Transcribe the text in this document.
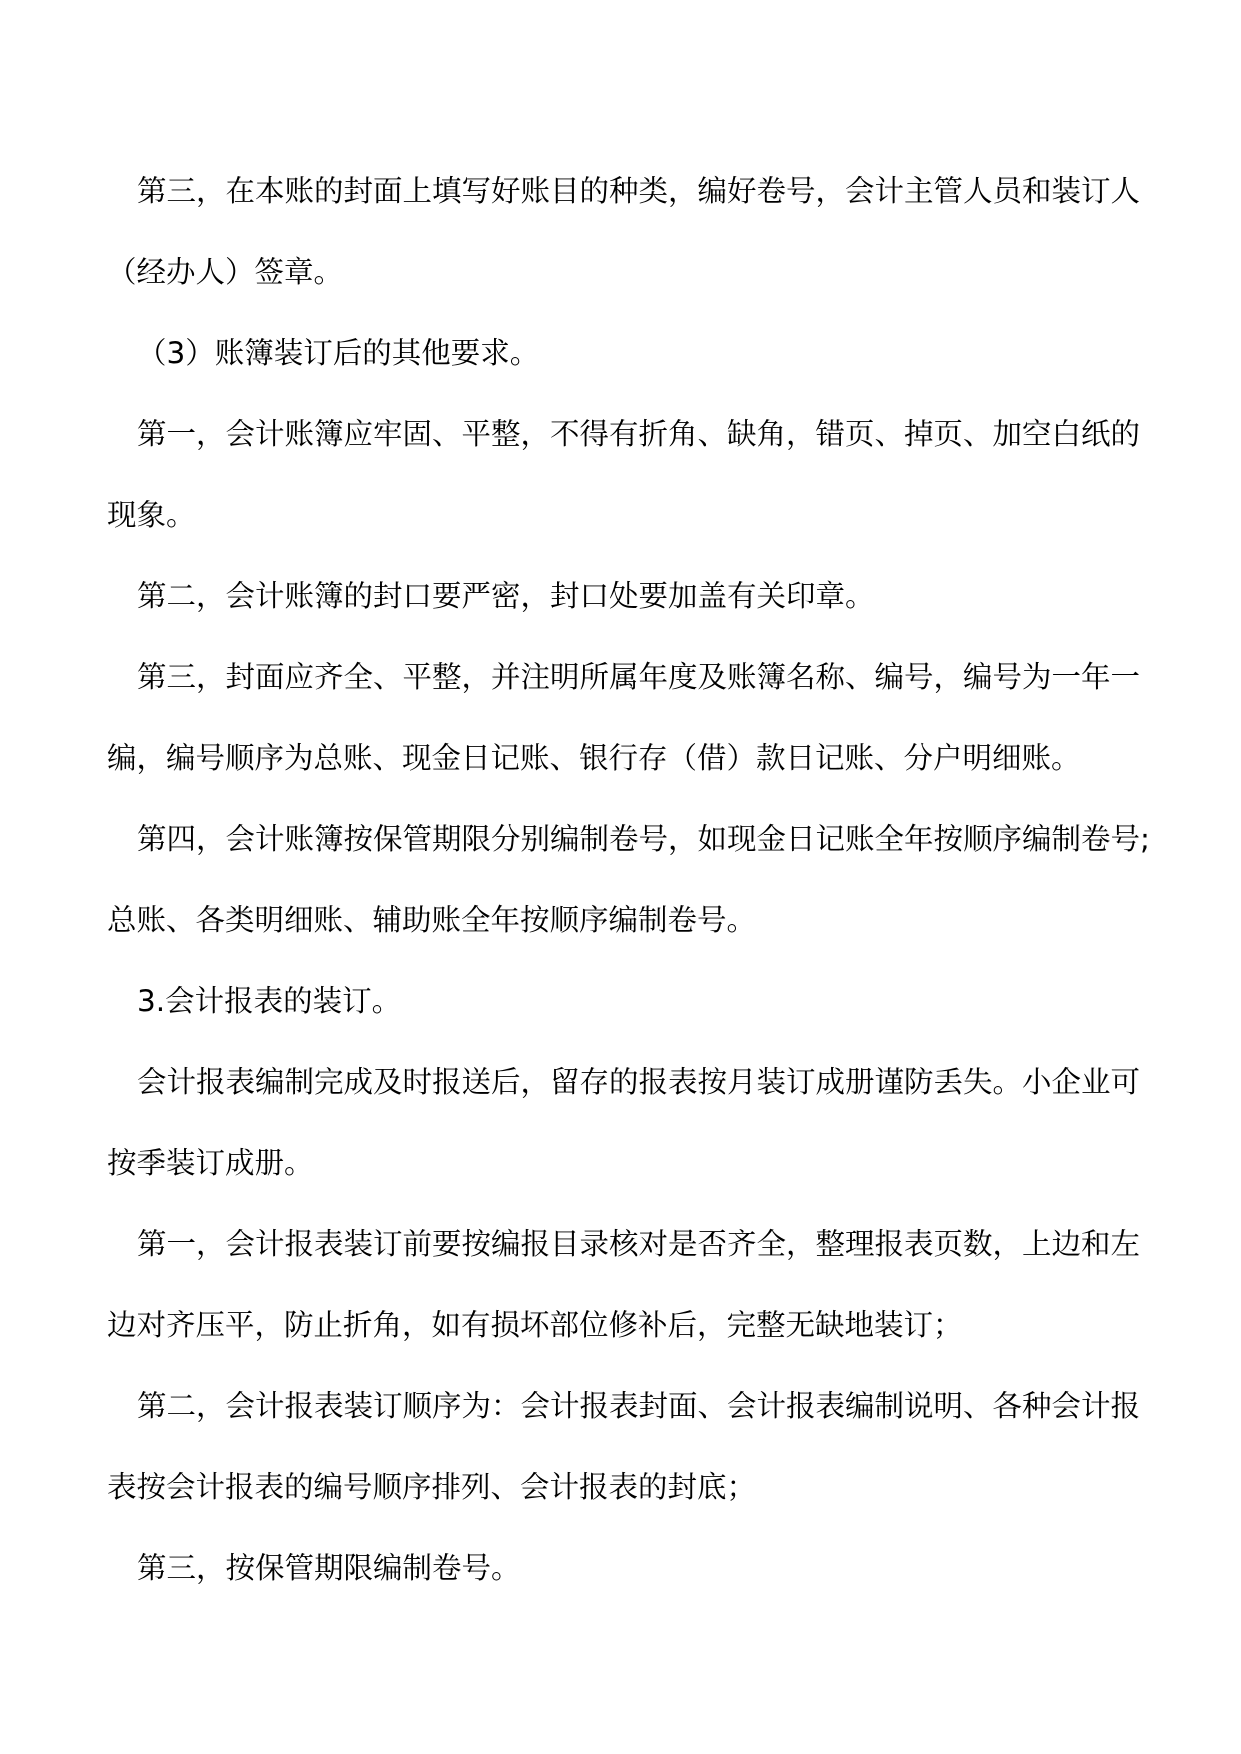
第三，在本账的封面上填写好账目的种类，编好卷号，会计主管人员和装订人
（经办人）签章。
（3）账簿装订后的其他要求。
第一，会计账簿应牢固、平整，不得有折角、缺角，错页、掉页、加空白纸的
现象。
第二，会计账簿的封口要严密，封口处要加盖有关印章。
第三，封面应齐全、平整，并注明所属年度及账簿名称、编号，编号为一年一
编，编号顺序为总账、现金日记账、银行存（借）款日记账、分户明细账。
第四，会计账簿按保管期限分别编制卷号，如现金日记账全年按顺序编制卷号;
总账、各类明细账、辅助账全年按顺序编制卷号。
3.会计报表的装订。
会计报表编制完成及时报送后，留存的报表按月装订成册谨防丢失。小企业可
按季装订成册。
第一，会计报表装订前要按编报目录核对是否齐全，整理报表页数，上边和左
边对齐压平，防止折角，如有损坏部位修补后，完整无缺地装订；
第二，会计报表装订顺序为：会计报表封面、会计报表编制说明、各种会计报
表按会计报表的编号顺序排列、会计报表的封底；
第三，按保管期限编制卷号。
